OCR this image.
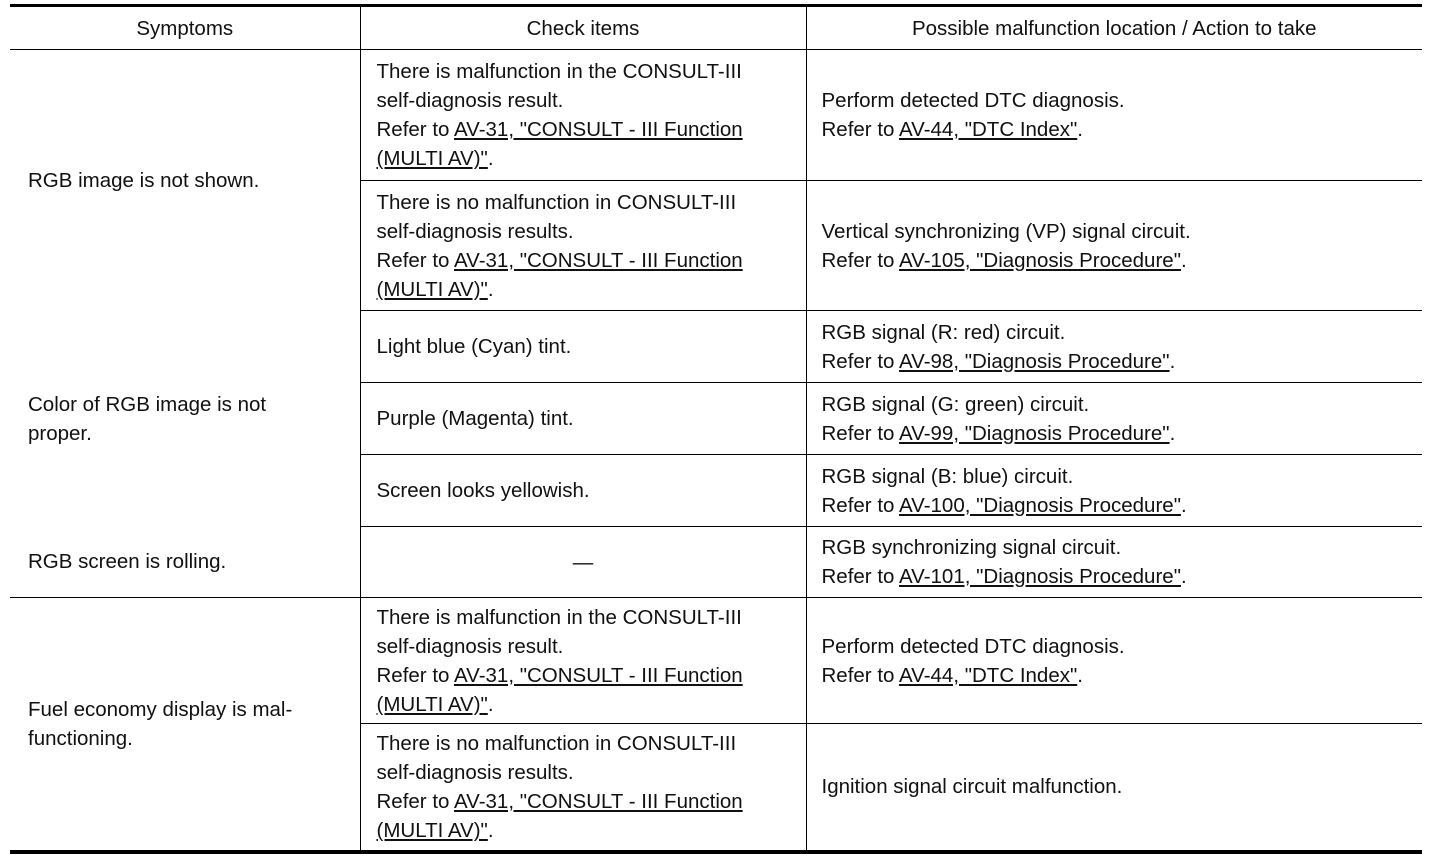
Symptoms	Check items	Possible malfunction location / Action to take

RGB image is not shown.	There is malfunction in the CONSULT-III
self-diagnosis result.
Refer to AV-31, "CONSULT - III Function
(MULTI AV)".	Perform detected DTC diagnosis.
Refer to AV-44, "DTC Index".

	There is no malfunction in CONSULT-III
self-diagnosis results.
Refer to AV-31, "CONSULT - III Function
(MULTI AV)".	Vertical synchronizing (VP) signal circuit.
Refer to AV-105, "Diagnosis Procedure".

Color of RGB image is not
proper.	Light blue (Cyan) tint.	RGB signal (R: red) circuit.
Refer to AV-98, "Diagnosis Procedure".

	Purple (Magenta) tint.	RGB signal (G: green) circuit.
Refer to AV-99, "Diagnosis Procedure".

	Screen looks yellowish.	RGB signal (B: blue) circuit.
Refer to AV-100, "Diagnosis Procedure".

RGB screen is rolling.	—	RGB synchronizing signal circuit.
Refer to AV-101, "Diagnosis Procedure".

Fuel economy display is mal-
functioning.	There is malfunction in the CONSULT-III
self-diagnosis result.
Refer to AV-31, "CONSULT - III Function
(MULTI AV)".	Perform detected DTC diagnosis.
Refer to AV-44, "DTC Index".

	There is no malfunction in CONSULT-III
self-diagnosis results.
Refer to AV-31, "CONSULT - III Function
(MULTI AV)".	Ignition signal circuit malfunction.
